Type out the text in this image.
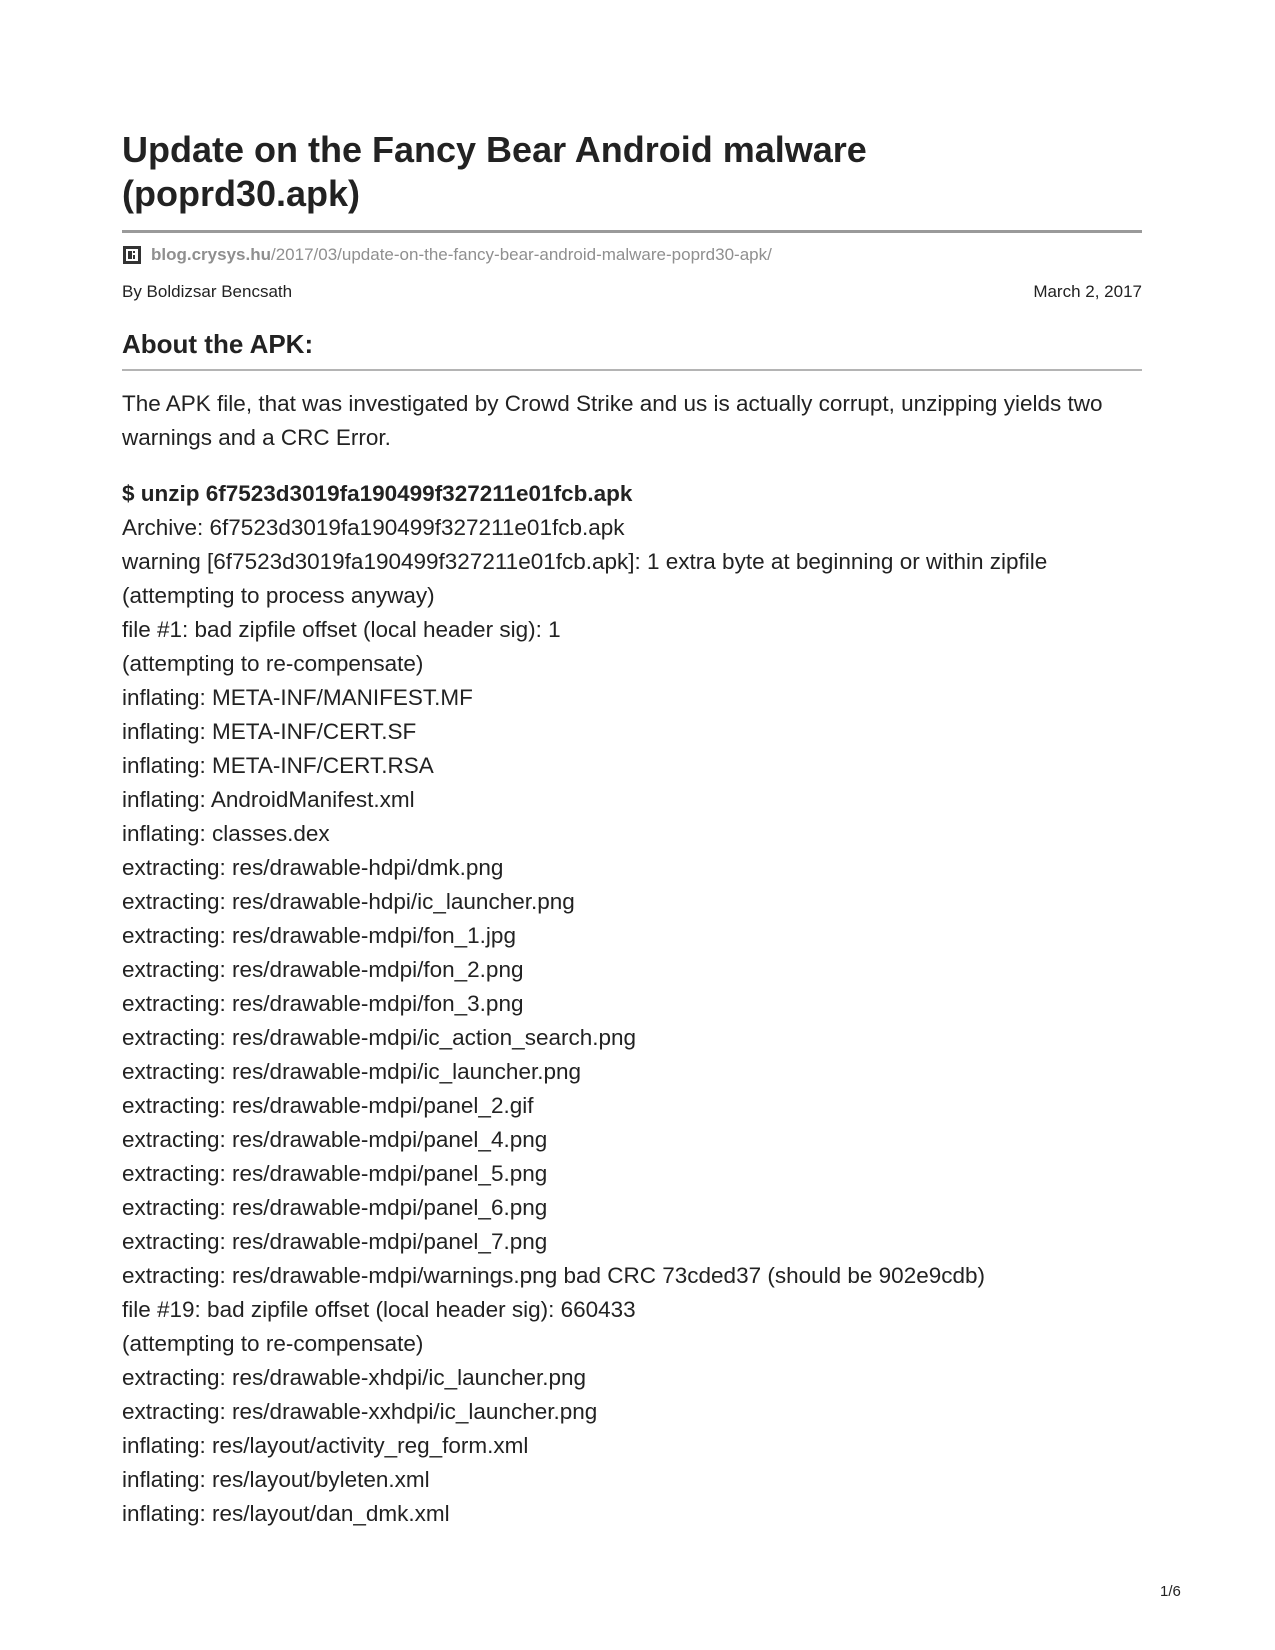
Update on the Fancy Bear Android malware
(poprd30.apk)
blog.crysys.hu /2017/03/update-on-the-fancy-bear-android-malware-poprd30-apk/
By Boldizsar Bencsath	March 2, 2017
About the APK:

The APK file, that was investigated by Crowd Strike and us is actually corrupt, unzipping yields two warnings and a CRC Error.

$ unzip 6f7523d3019fa190499f327211e01fcb.apk
Archive: 6f7523d3019fa190499f327211e01fcb.apk
warning [6f7523d3019fa190499f327211e01fcb.apk]: 1 extra byte at beginning or within zipfile
(attempting to process anyway)
file #1: bad zipfile offset (local header sig): 1
(attempting to re-compensate)
inflating: META-INF/MANIFEST.MF
inflating: META-INF/CERT.SF
inflating: META-INF/CERT.RSA
inflating: AndroidManifest.xml
inflating: classes.dex
extracting: res/drawable-hdpi/dmk.png
extracting: res/drawable-hdpi/ic_launcher.png
extracting: res/drawable-mdpi/fon_1.jpg
extracting: res/drawable-mdpi/fon_2.png
extracting: res/drawable-mdpi/fon_3.png
extracting: res/drawable-mdpi/ic_action_search.png
extracting: res/drawable-mdpi/ic_launcher.png
extracting: res/drawable-mdpi/panel_2.gif
extracting: res/drawable-mdpi/panel_4.png
extracting: res/drawable-mdpi/panel_5.png
extracting: res/drawable-mdpi/panel_6.png
extracting: res/drawable-mdpi/panel_7.png
extracting: res/drawable-mdpi/warnings.png bad CRC 73cded37 (should be 902e9cdb)
file #19: bad zipfile offset (local header sig): 660433
(attempting to re-compensate)
extracting: res/drawable-xhdpi/ic_launcher.png
extracting: res/drawable-xxhdpi/ic_launcher.png
inflating: res/layout/activity_reg_form.xml
inflating: res/layout/byleten.xml
inflating: res/layout/dan_dmk.xml
1/6
